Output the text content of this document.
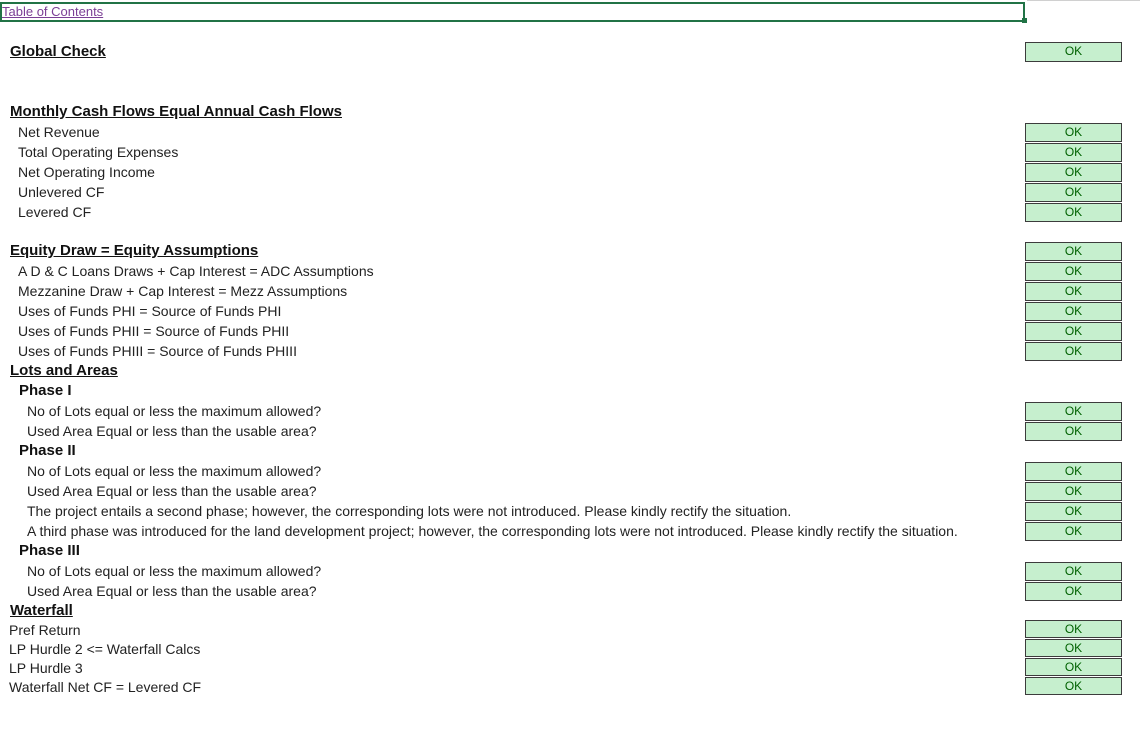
Table of Contents
Global Check	OK
Monthly Cash Flows Equal Annual Cash Flows
Net Revenue
Total Operating Expenses
Net Operating Income
Unlevered CF
Levered CF
OK
OK
OK
OK
OK
Equity Draw = Equity Assumptions
A D & C Loans Draws + Cap Interest = ADC Assumptions
Mezzanine Draw + Cap Interest = Mezz Assumptions
Uses of Funds PHI = Source of Funds PHI
Uses of Funds PHII = Source of Funds PHII
Uses of Funds PHIII = Source of Funds PHIII
OK
OK
OK
OK
OK
OK
Lots and Areas
Phase I
No of Lots equal or less the maximum allowed?
Used Area Equal or less than the usable area?
OK
OK
Phase II
No of Lots equal or less the maximum allowed?
Used Area Equal or less than the usable area?
The project entails a second phase; however, the corresponding lots were not introduced. Please kindly rectify the situation.
A third phase was introduced for the land development project; however, the corresponding lots were not introduced. Please kindly rectify the situation.
OK
OK
OK
OK
Phase III
No of Lots equal or less the maximum allowed?
Used Area Equal or less than the usable area?
OK
OK
Waterfall
Pref Return
LP Hurdle 2 <= Waterfall Calcs
LP Hurdle 3
Waterfall Net CF = Levered CF
OK
OK
OK
OK
